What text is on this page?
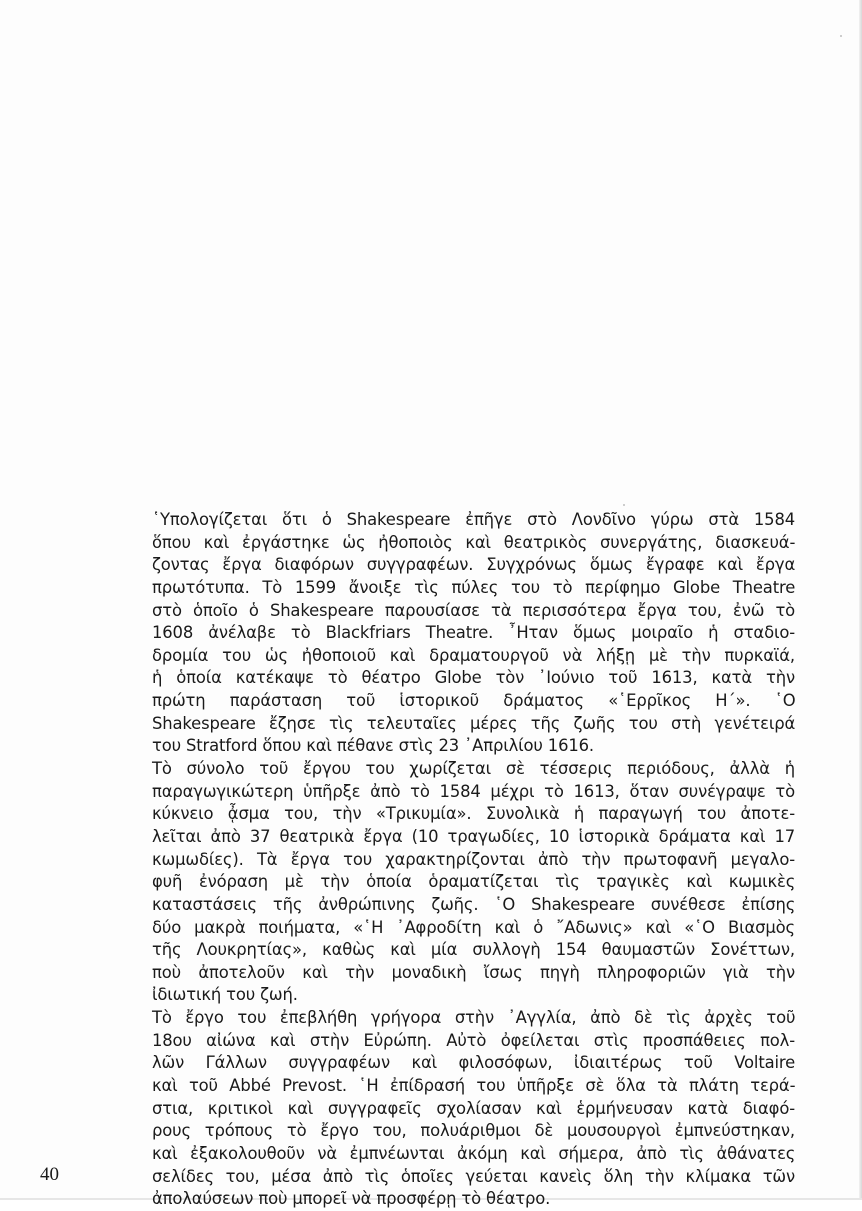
῾Υπολογίζεται ὅτι ὁ Shakespeare ἐπῆγε στὸ Λονδῖνο γύρω στὰ 1584
ὅπου καὶ ἐργάστηκε ὡς ἠθοποιὸς καὶ θεατρικὸς συνεργάτης, διασκευά-
ζοντας ἔργα διαφόρων συγγραφέων. Συγχρόνως ὅμως ἔγραφε καὶ ἔργα
πρωτότυπα. Τὸ 1599 ἄνοιξε τὶς πύλες του τὸ περίφημο Globe Theatre
στὸ ὁποῖο ὁ Shakespeare παρουσίασε τὰ περισσότερα ἔργα του, ἐνῶ τὸ
1608 ἀνέλαβε τὸ Blackfriars Theatre. ῏Ηταν ὅμως μοιραῖο ἡ σταδιο-
δρομία του ὡς ἠθοποιοῦ καὶ δραματουργοῦ νὰ λήξῃ μὲ τὴν πυρκαϊά,
ἡ ὁποία κατέκαψε τὸ θέατρο Globe τὸν ᾽Ιούνιο τοῦ 1613, κατὰ τὴν
πρώτη παράσταση τοῦ ἱστορικοῦ δράματος «῾Ερρῖκος Η΄». ῾Ο
Shakespeare ἔζησε τὶς τελευταῖες μέρες τῆς ζωῆς του στὴ γενέτειρά
του Stratford ὅπου καὶ πέθανε στὶς 23 ᾽Απριλίου 1616.
Τὸ σύνολο τοῦ ἔργου του χωρίζεται σὲ τέσσερις περιόδους, ἀλλὰ ἡ
παραγωγικώτερη ὑπῆρξε ἀπὸ τὸ 1584 μέχρι τὸ 1613, ὅταν συνέγραψε τὸ
κύκνειο ᾆσμα του, τὴν «Τρικυμία». Συνολικὰ ἡ παραγωγή του ἀποτε-
λεῖται ἀπὸ 37 θεατρικὰ ἔργα (10 τραγωδίες, 10 ἱστορικὰ δράματα καὶ 17
κωμωδίες). Τὰ ἔργα του χαρακτηρίζονται ἀπὸ τὴν πρωτοφανῆ μεγαλο-
φυῆ ἐνόραση μὲ τὴν ὁποία ὁραματίζεται τὶς τραγικὲς καὶ κωμικὲς
καταστάσεις τῆς ἀνθρώπινης ζωῆς. ῾Ο Shakespeare συνέθεσε ἐπίσης
δύο μακρὰ ποιήματα, «῾Η ᾽Αφροδίτη καὶ ὁ ῎Αδωνις» καὶ «῾Ο Βιασμὸς
τῆς Λουκρητίας», καθὼς καὶ μία συλλογὴ 154 θαυμαστῶν Σονέττων,
ποὺ ἀποτελοῦν καὶ τὴν μοναδικὴ ἴσως πηγὴ πληροφοριῶν γιὰ τὴν
ἰδιωτική του ζωή.
Τὸ ἔργο του ἐπεβλήθη γρήγορα στὴν ᾽Αγγλία, ἀπὸ δὲ τὶς ἀρχὲς τοῦ
18ου αἰώνα καὶ στὴν Εὐρώπη. Αὐτὸ ὀφείλεται στὶς προσπάθειες πολ-
λῶν Γάλλων συγγραφέων καὶ φιλοσόφων, ἰδιαιτέρως τοῦ Voltaire
καὶ τοῦ Abbé Prevost. ῾Η ἐπίδρασή του ὑπῆρξε σὲ ὅλα τὰ πλάτη τερά-
στια, κριτικοὶ καὶ συγγραφεῖς σχολίασαν καὶ ἑρμήνευσαν κατὰ διαφό-
ρους τρόπους τὸ ἔργο του, πολυάριθμοι δὲ μουσουργοὶ ἐμπνεύστηκαν,
καὶ ἐξακολουθοῦν νὰ ἐμπνέωνται ἀκόμη καὶ σήμερα, ἀπὸ τὶς ἀθάνατες
σελίδες του, μέσα ἀπὸ τὶς ὁποῖες γεύεται κανεὶς ὅλη τὴν κλίμακα τῶν
ἀπολαύσεων ποὺ μπορεῖ νὰ προσφέρῃ τὸ θέατρο.
40
